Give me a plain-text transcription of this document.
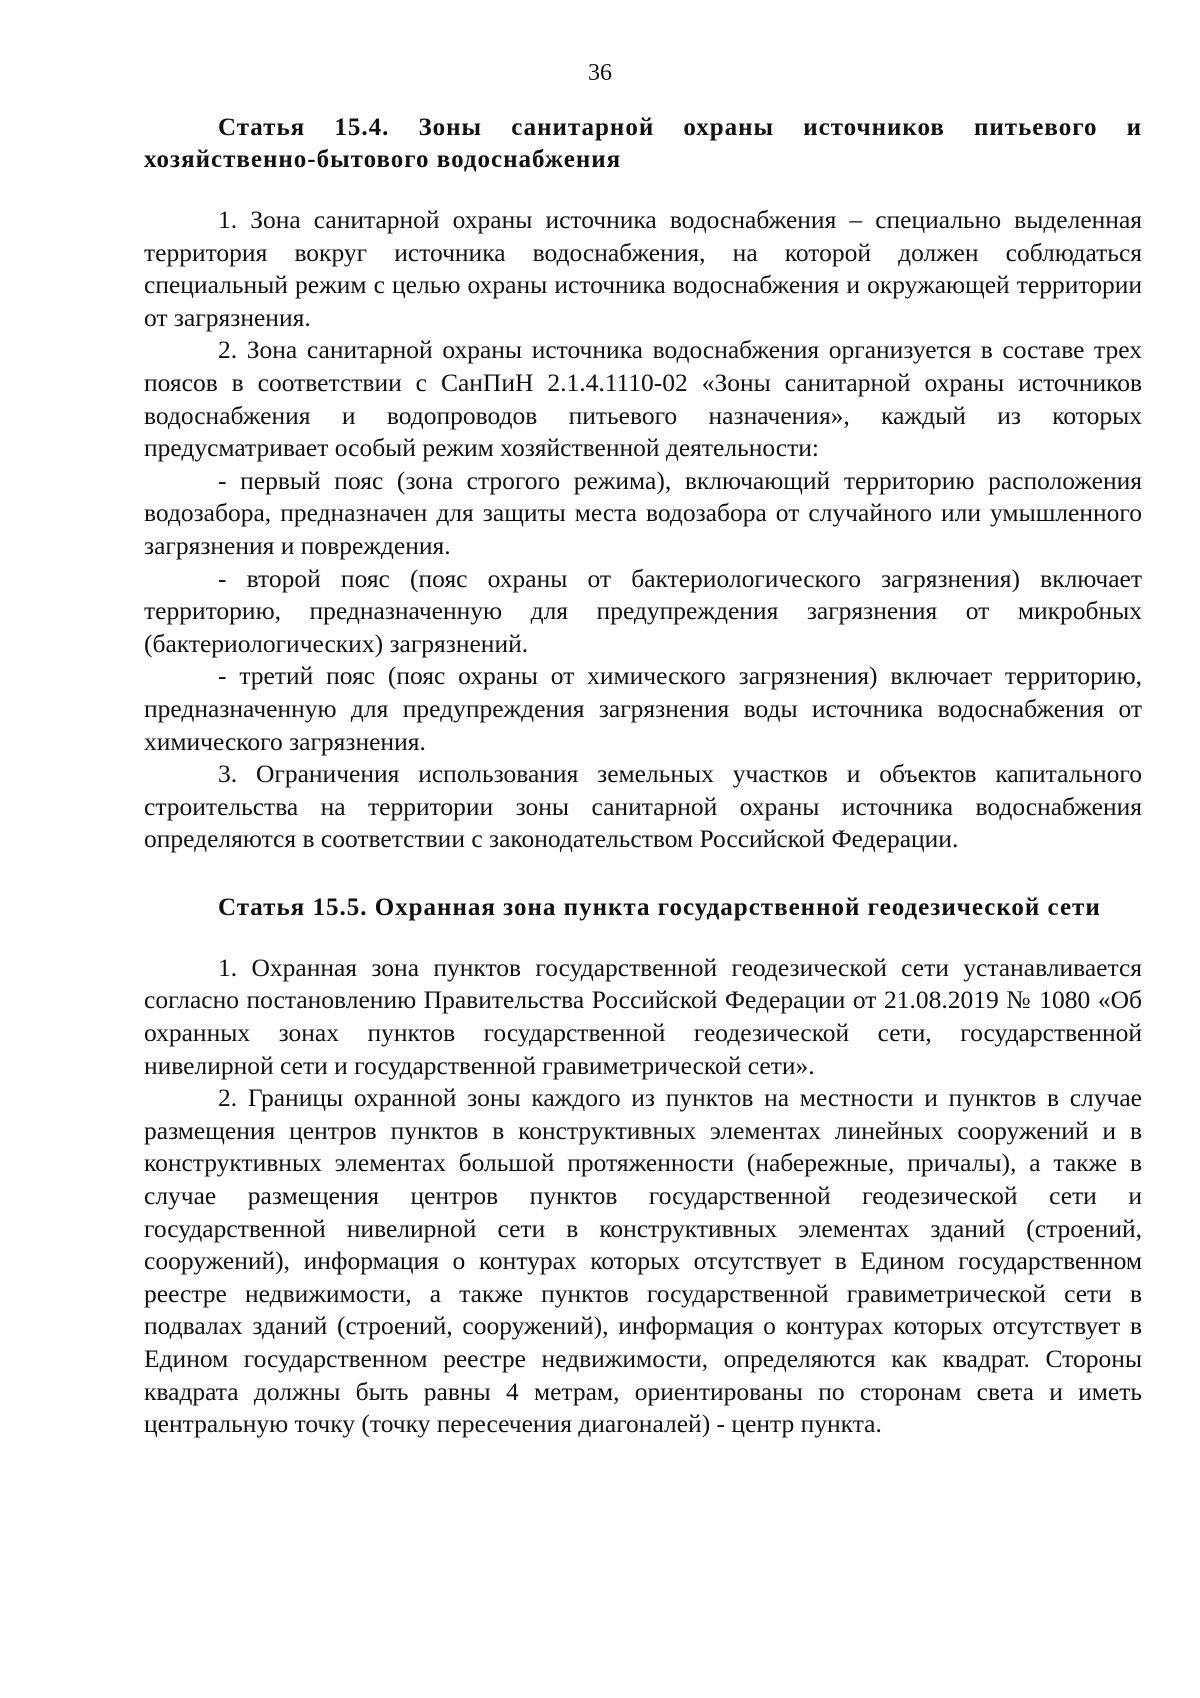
36
Статья 15.4. Зоны санитарной охраны источников питьевого и хозяйственно-бытового водоснабжения

1. Зона санитарной охраны источника водоснабжения – специально выделенная территория вокруг источника водоснабжения, на которой должен соблюдаться специальный режим с целью охраны источника водоснабжения и окружающей территории от загрязнения.

2. Зона санитарной охраны источника водоснабжения организуется в составе трех поясов в соответствии с СанПиН 2.1.4.1110-02 «Зоны санитарной охраны источников водоснабжения и водопроводов питьевого назначения», каждый из которых предусматривает особый режим хозяйственной деятельности:

- первый пояс (зона строгого режима), включающий территорию расположения водозабора, предназначен для защиты места водозабора от случайного или умышленного загрязнения и повреждения.

- второй пояс (пояс охраны от бактериологического загрязнения) включает территорию, предназначенную для предупреждения загрязнения от микробных (бактериологических) загрязнений.

- третий пояс (пояс охраны от химического загрязнения) включает территорию, предназначенную для предупреждения загрязнения воды источника водоснабжения от химического загрязнения.

3. Ограничения использования земельных участков и объектов капитального строительства на территории зоны санитарной охраны источника водоснабжения определяются в соответствии с законодательством Российской Федерации.

Статья 15.5. Охранная зона пункта государственной геодезической сети

1. Охранная зона пунктов государственной геодезической сети устанавливается согласно постановлению Правительства Российской Федерации от 21.08.2019 № 1080 «Об охранных зонах пунктов государственной геодезической сети, государственной нивелирной сети и государственной гравиметрической сети».

2. Границы охранной зоны каждого из пунктов на местности и пунктов в случае размещения центров пунктов в конструктивных элементах линейных сооружений и в конструктивных элементах большой протяженности (набережные, причалы), а также в случае размещения центров пунктов государственной геодезической сети и государственной нивелирной сети в конструктивных элементах зданий (строений, сооружений), информация о контурах которых отсутствует в Едином государственном реестре недвижимости, а также пунктов государственной гравиметрической сети в подвалах зданий (строений, сооружений), информация о контурах которых отсутствует в Едином государственном реестре недвижимости, определяются как квадрат. Стороны квадрата должны быть равны 4 метрам, ориентированы по сторонам света и иметь центральную точку (точку пересечения диагоналей) - центр пункта.
